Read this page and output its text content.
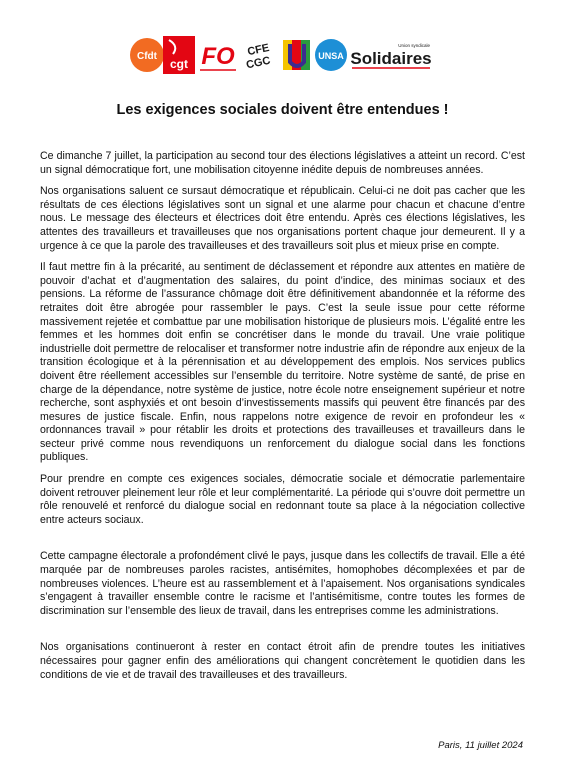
Cfdt
cgt FO CFE
CGC	UNSA
Union syndicale
Solidaires
Les exigences sociales doivent être entendues !

Ce dimanche 7 juillet, la participation au second tour des élections législatives a atteint un record. C’est un signal démocratique fort, une mobilisation citoyenne inédite depuis de nombreuses années.

Nos organisations saluent ce sursaut démocratique et républicain. Celui-ci ne doit pas cacher que les résultats de ces élections législatives sont un signal et une alarme pour chacun et chacune d’entre nous. Le message des électeurs et électrices doit être entendu. Après ces élections législatives, les attentes des travailleurs et travailleuses que nos organisations portent chaque jour demeurent. Il y a urgence à ce que la parole des travailleuses et des travailleurs soit plus et mieux prise en compte.

Il faut mettre fin à la précarité, au sentiment de déclassement et répondre aux attentes en matière de pouvoir d’achat et d’augmentation des salaires, du point d’indice, des minimas sociaux et des pensions. La réforme de l’assurance chômage doit être définitivement abandonnée et la réforme des retraites doit être abrogée pour rassembler le pays. C’est la seule issue pour cette réforme massivement rejetée et combattue par une mobilisation historique de plusieurs mois. L’égalité entre les femmes et les hommes doit enfin se concrétiser dans le monde du travail. Une vraie politique industrielle doit permettre de relocaliser et transformer notre industrie afin de répondre aux enjeux de la transition écologique et à la pérennisation et au développement des emplois. Nos services publics doivent être réellement accessibles sur l’ensemble du territoire. Notre système de santé, de prise en charge de la dépendance, notre système de justice, notre école notre enseignement supérieur et notre recherche, sont asphyxiés et ont besoin d’investissements massifs qui peuvent être financés par des mesures de justice fiscale. Enfin, nous rappelons notre exigence de revoir en profondeur les « ordonnances travail » pour rétablir les droits et protections des travailleuses et travailleurs dans le secteur privé comme nous revendiquons un renforcement du dialogue social dans les fonctions publiques.

Pour prendre en compte ces exigences sociales, démocratie sociale et démocratie parlementaire doivent retrouver pleinement leur rôle et leur complémentarité. La période qui s’ouvre doit permettre un rôle renouvelé et renforcé du dialogue social en redonnant toute sa place à la négociation collective entre acteurs sociaux.

Cette campagne électorale a profondément clivé le pays, jusque dans les collectifs de travail. Elle a été marquée par de nombreuses paroles racistes, antisémites, homophobes décomplexées et par de nombreuses violences. L’heure est au rassemblement et à l’apaisement. Nos organisations syndicales s’engagent à travailler ensemble contre le racisme et l’antisémitisme, contre toutes les formes de discrimination sur l’ensemble des lieux de travail, dans les entreprises comme les administrations.

Nos organisations continueront à rester en contact étroit afin de prendre toutes les initiatives nécessaires pour gagner enfin des améliorations qui changent concrètement le quotidien dans les conditions de vie et de travail des travailleuses et des travailleurs.

Paris, 11 juillet 2024
